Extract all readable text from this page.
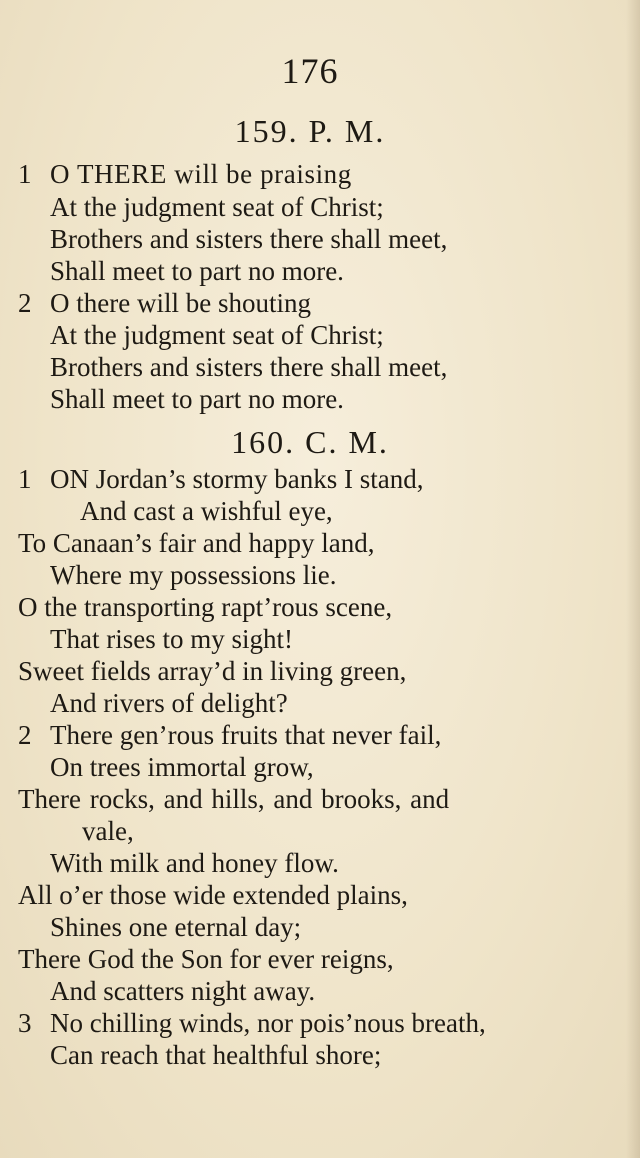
176
159. P. M.
1 O THERE will be praising
At the judgment seat of Christ;
Brothers and sisters there shall meet,
Shall meet to part no more.
2 O there will be shouting
At the judgment seat of Christ;
Brothers and sisters there shall meet,
Shall meet to part no more.
160. C. M.
1 ON Jordan’s stormy banks I stand,
And cast a wishful eye,
To Canaan’s fair and happy land,
Where my possessions lie.
O the transporting rapt’rous scene,
That rises to my sight!
Sweet fields array’d in living green,
And rivers of delight?
2 There gen’rous fruits that never fail,
On trees immortal grow,
There rocks, and hills, and brooks, and
vale,
With milk and honey flow.
All o’er those wide extended plains,
Shines one eternal day;
There God the Son for ever reigns,
And scatters night away.
3 No chilling winds, nor pois’nous breath,
Can reach that healthful shore;
